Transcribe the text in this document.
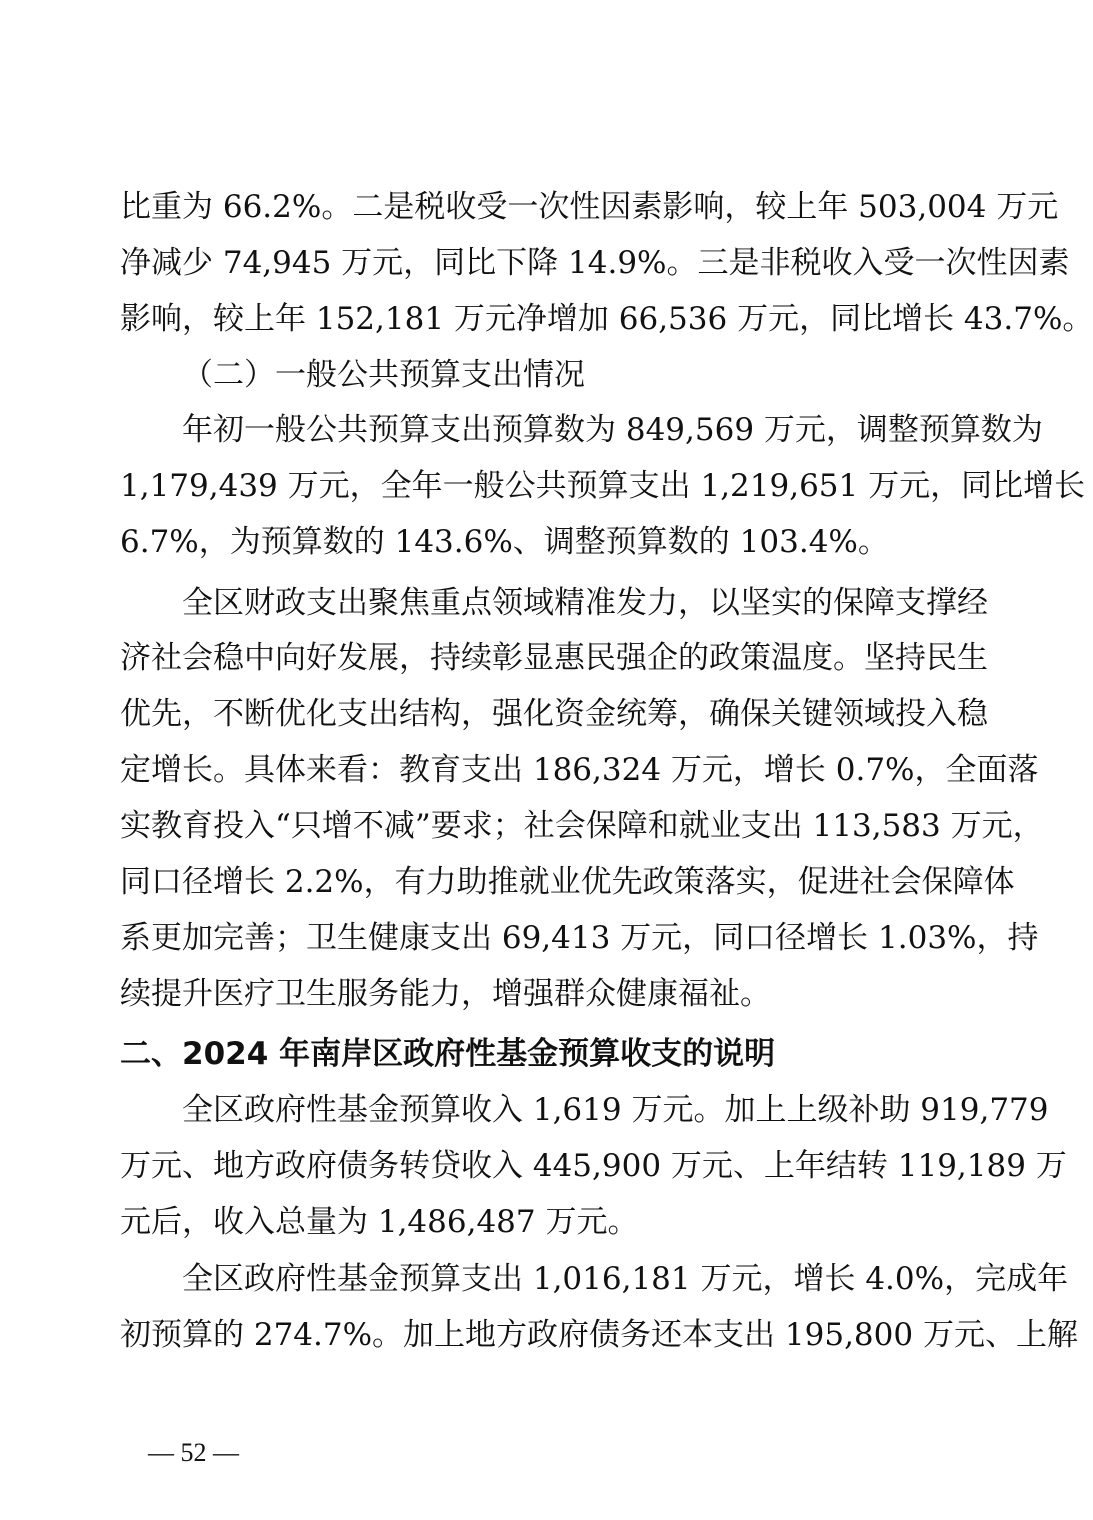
比重为 66.2%。二是税收受一次性因素影响，较上年 503,004 万元
净减少 74,945 万元，同比下降 14.9%。三是非税收入受一次性因素
影响，较上年 152,181 万元净增加 66,536 万元，同比增长 43.7%。
（二）一般公共预算支出情况
年初一般公共预算支出预算数为 849,569 万元，调整预算数为
1,179,439 万元，全年一般公共预算支出 1,219,651 万元，同比增长
6.7%，为预算数的 143.6%、调整预算数的 103.4%。
全区财政支出聚焦重点领域精准发力，以坚实的保障支撑经
济社会稳中向好发展，持续彰显惠民强企的政策温度。坚持民生
优先，不断优化支出结构，强化资金统筹，确保关键领域投入稳
定增长。具体来看：教育支出 186,324 万元，增长 0.7%，全面落
实教育投入“只增不减”要求；社会保障和就业支出 113,583 万元，
同口径增长 2.2%，有力助推就业优先政策落实，促进社会保障体
系更加完善；卫生健康支出 69,413 万元，同口径增长 1.03%，持
续提升医疗卫生服务能力，增强群众健康福祉。
二、2024 年南岸区政府性基金预算收支的说明
全区政府性基金预算收入 1,619 万元。加上上级补助 919,779
万元、地方政府债务转贷收入 445,900 万元、上年结转 119,189 万
元后，收入总量为 1,486,487 万元。
全区政府性基金预算支出 1,016,181 万元，增长 4.0%，完成年
初预算的 274.7%。加上地方政府债务还本支出 195,800 万元、上解
— 52 —
